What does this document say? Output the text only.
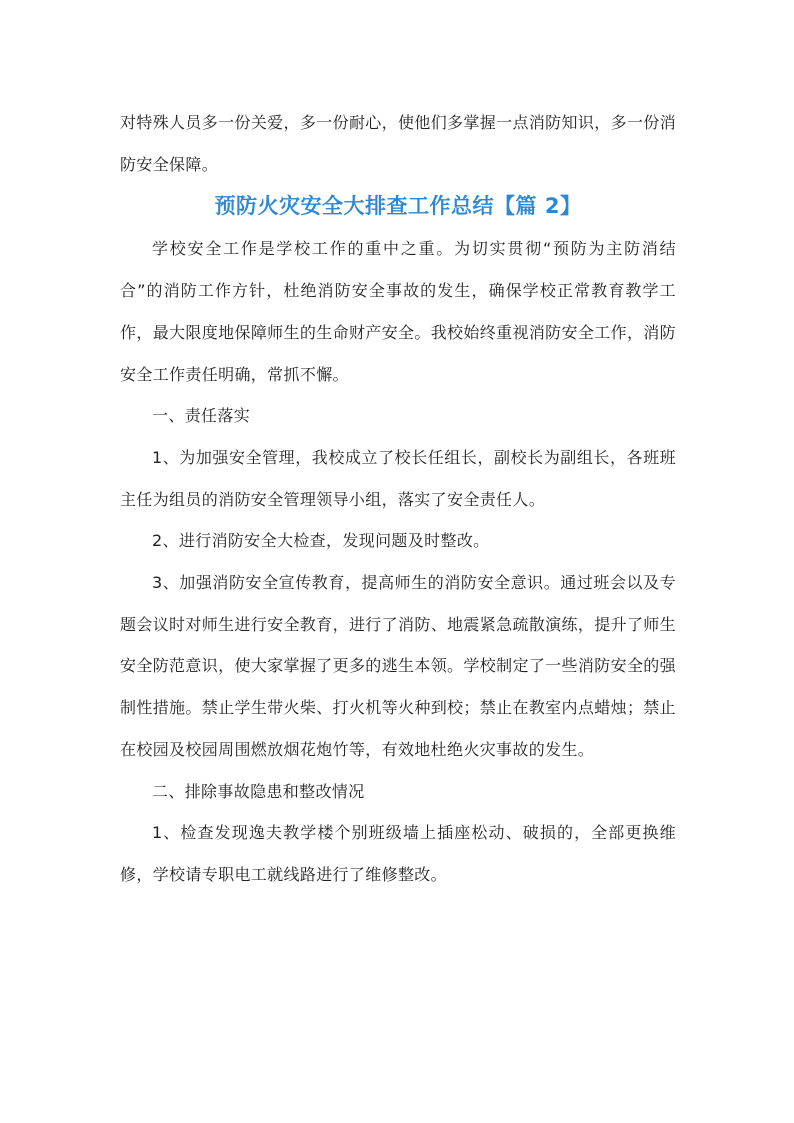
对特殊人员多一份关爱，多一份耐心，使他们多掌握一点消防知识，多一份消防安全保障。

预防火灾安全大排查工作总结【篇 2】

学校安全工作是学校工作的重中之重。为切实贯彻“预防为主防消结合”的消防工作方针，杜绝消防安全事故的发生，确保学校正常教育教学工作，最大限度地保障师生的生命财产安全。我校始终重视消防安全工作，消防安全工作责任明确，常抓不懈。

一、责任落实

1、为加强安全管理，我校成立了校长任组长，副校长为副组长，各班班主任为组员的消防安全管理领导小组，落实了安全责任人。

2、进行消防安全大检查，发现问题及时整改。

3、加强消防安全宣传教育，提高师生的消防安全意识。通过班会以及专题会议时对师生进行安全教育，进行了消防、地震紧急疏散演练，提升了师生安全防范意识，使大家掌握了更多的逃生本领。学校制定了一些消防安全的强制性措施。禁止学生带火柴、打火机等火种到校；禁止在教室内点蜡烛；禁止在校园及校园周围燃放烟花炮竹等，有效地杜绝火灾事故的发生。

二、排除事故隐患和整改情况

1、检查发现逸夫教学楼个别班级墙上插座松动、破损的，全部更换维修，学校请专职电工就线路进行了维修整改。
